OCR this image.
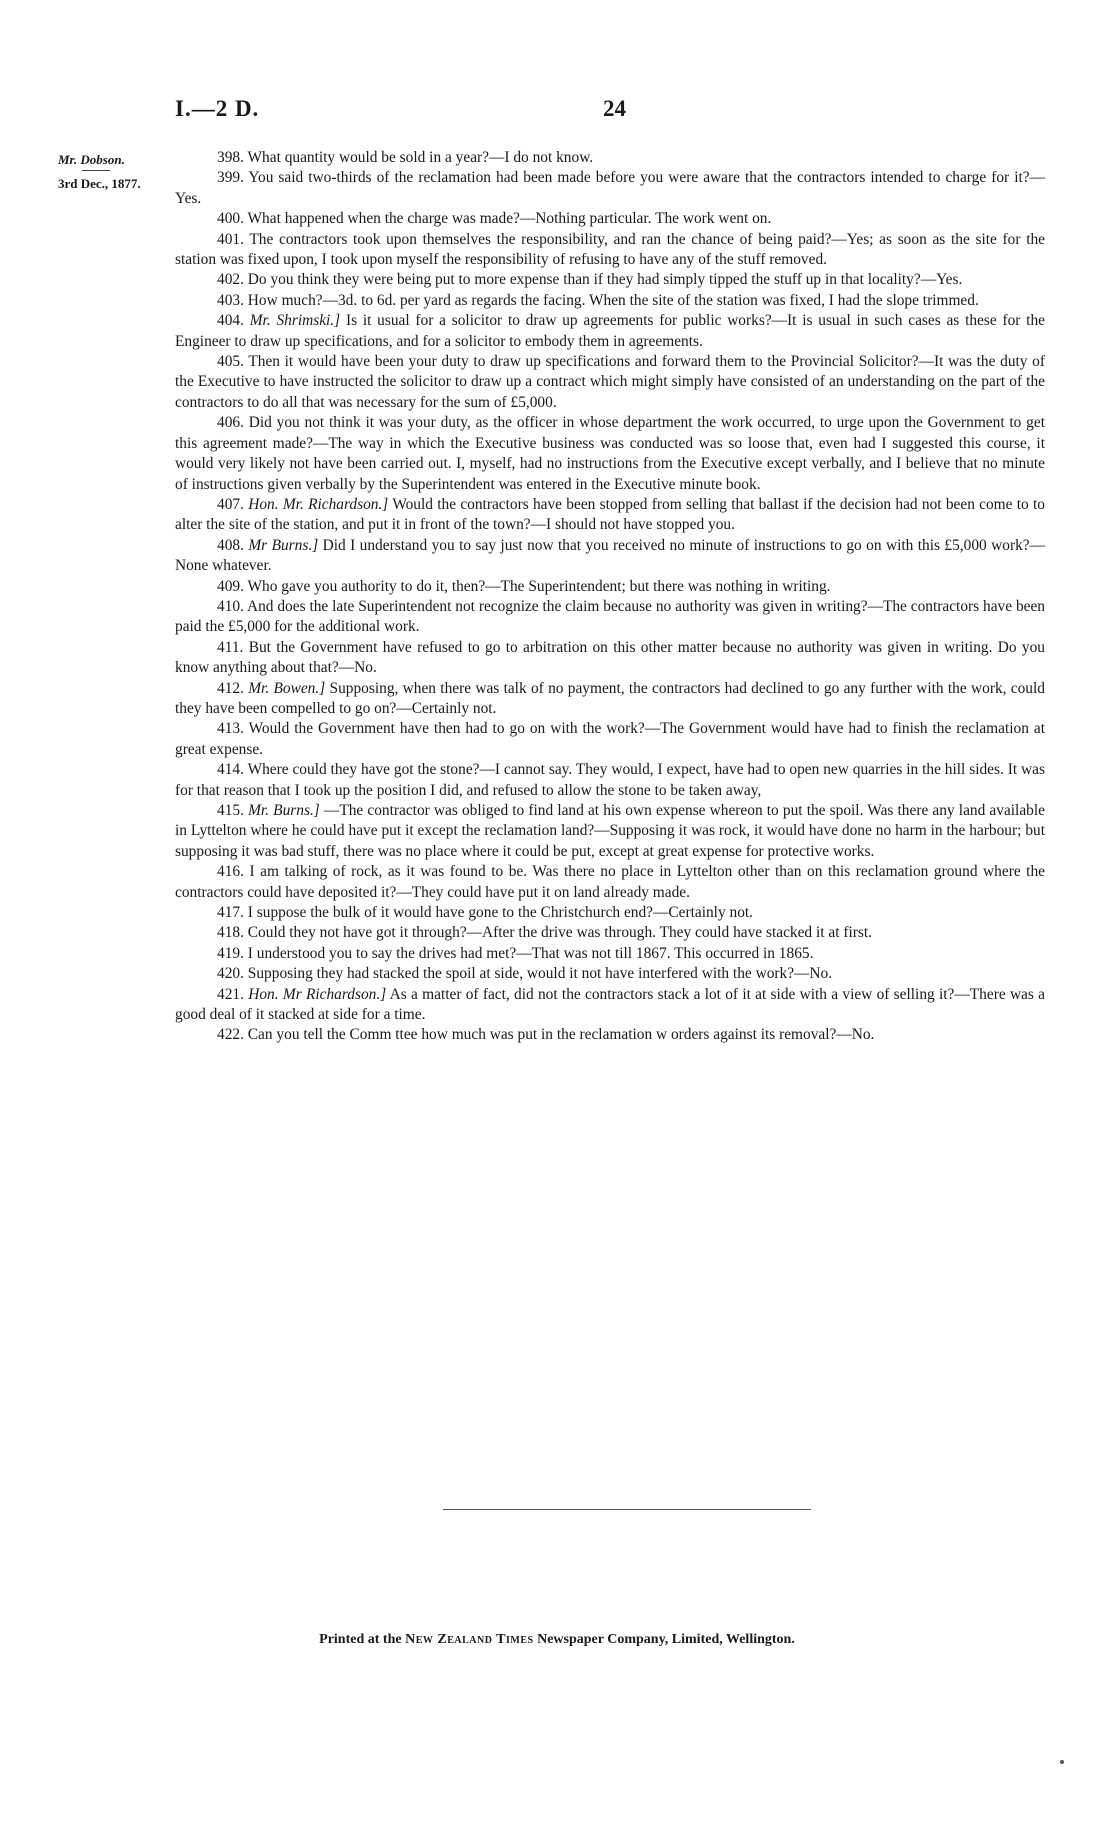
I.—2 D.	24
Mr. Dobson.
3rd Dec., 1877.

398. What quantity would be sold in a year?—I do not know.

399. You said two-thirds of the reclamation had been made before you were aware that the contractors intended to charge for it?—Yes.

400. What happened when the charge was made?—Nothing particular. The work went on.

401. The contractors took upon themselves the responsibility, and ran the chance of being paid?—Yes; as soon as the site for the station was fixed upon, I took upon myself the responsibility of refusing to have any of the stuff removed.

402. Do you think they were being put to more expense than if they had simply tipped the stuff up in that locality?—Yes.

403. How much?—3d. to 6d. per yard as regards the facing. When the site of the station was fixed, I had the slope trimmed.

404. Mr. Shrimski.] Is it usual for a solicitor to draw up agreements for public works?—It is usual in such cases as these for the Engineer to draw up specifications, and for a solicitor to embody them in agreements.

405. Then it would have been your duty to draw up specifications and forward them to the Provincial Solicitor?—It was the duty of the Executive to have instructed the solicitor to draw up a contract which might simply have consisted of an understanding on the part of the contractors to do all that was necessary for the sum of £5,000.

406. Did you not think it was your duty, as the officer in whose department the work occurred, to urge upon the Government to get this agreement made?—The way in which the Executive business was conducted was so loose that, even had I suggested this course, it would very likely not have been carried out. I, myself, had no instructions from the Executive except verbally, and I believe that no minute of instructions given verbally by the Superintendent was entered in the Executive minute book.

407. Hon. Mr. Richardson.] Would the contractors have been stopped from selling that ballast if the decision had not been come to to alter the site of the station, and put it in front of the town?—I should not have stopped you.

408. Mr Burns.] Did I understand you to say just now that you received no minute of instructions to go on with this £5,000 work?—None whatever.

409. Who gave you authority to do it, then?—The Superintendent; but there was nothing in writing.

410. And does the late Superintendent not recognize the claim because no authority was given in writing?—The contractors have been paid the £5,000 for the additional work.

411. But the Government have refused to go to arbitration on this other matter because no authority was given in writing. Do you know anything about that?—No.

412. Mr. Bowen.] Supposing, when there was talk of no payment, the contractors had declined to go any further with the work, could they have been compelled to go on?—Certainly not.

413. Would the Government have then had to go on with the work?—The Government would have had to finish the reclamation at great expense.

414. Where could they have got the stone?—I cannot say. They would, I expect, have had to open new quarries in the hill sides. It was for that reason that I took up the position I did, and refused to allow the stone to be taken away,

415. Mr. Burns.] —The contractor was obliged to find land at his own expense whereon to put the spoil. Was there any land available in Lyttelton where he could have put it except the reclamation land?—Supposing it was rock, it would have done no harm in the harbour; but supposing it was bad stuff, there was no place where it could be put, except at great expense for protective works.

416. I am talking of rock, as it was found to be. Was there no place in Lyttelton other than on this reclamation ground where the contractors could have deposited it?—They could have put it on land already made.

417. I suppose the bulk of it would have gone to the Christchurch end?—Certainly not.

418. Could they not have got it through?—After the drive was through. They could have stacked it at first.

419. I understood you to say the drives had met?—That was not till 1867. This occurred in 1865.

420. Supposing they had stacked the spoil at side, would it not have interfered with the work?—No.

421. Hon. Mr Richardson.] As a matter of fact, did not the contractors stack a lot of it at side with a view of selling it?—There was a good deal of it stacked at side for a time.

422. Can you tell the Comm ttee how much was put in the reclamation w orders against its removal?—No.

Printed at the New Zealand Times Newspaper Company, Limited, Wellington.
